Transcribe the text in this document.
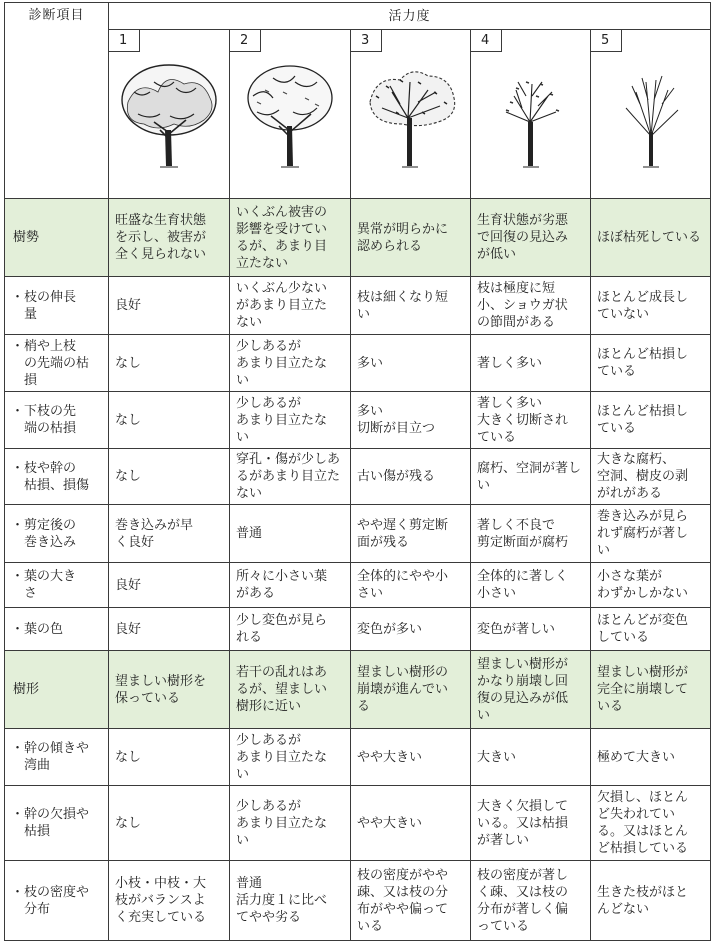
診断項目	活力度				
	1	2	3	4	5

樹勢	旺盛な生育状態
を示し、被害が
全く見られない	いくぶん被害の
影響を受けてい
るが、あまり目
立たない	異常が明らかに
認められる	生育状態が劣悪
で回復の見込み
が低い	ほぼ枯死している

・枝の伸長
　量	良好	いくぶん少ない
があまり目立た
ない	枝は細くなり短
い	枝は極度に短
小、ショウガ状
の節間がある	ほとんど成長し
ていない

・梢や上枝
　の先端の枯
　損	なし	少しあるが
あまり目立たな
い	多い	著しく多い	ほとんど枯損し
ている

・下枝の先
　端の枯損	なし	少しあるが
あまり目立たな
い	多い
切断が目立つ	著しく多い
大きく切断され
ている	ほとんど枯損し
ている

・枝や幹の
　枯損、損傷	なし	穿孔・傷が少しあ
るがあまり目立た
ない	古い傷が残る	腐朽、空洞が著し
い	大きな腐朽、
空洞、樹皮の剥
がれがある

・剪定後の
　巻き込み	巻き込みが早
く良好	普通	やや遅く剪定断
面が残る	著しく不良で
剪定断面が腐朽	巻き込みが見ら
れず腐朽が著し
い

・葉の大き
　さ	良好	所々に小さい葉
がある	全体的にやや小
さい	全体的に著しく
小さい	小さな葉が
わずかしかない

・葉の色	良好	少し変色が見ら
れる	変色が多い	変色が著しい	ほとんどが変色
している

樹形	望ましい樹形を
保っている	若干の乱れはあ
るが、望ましい
樹形に近い	望ましい樹形の
崩壊が進んでい
る	望ましい樹形が
かなり崩壊し回
復の見込みが低
い	望ましい樹形が
完全に崩壊して
いる

・幹の傾きや
　湾曲	なし	少しあるが
あまり目立たな
い	やや大きい	大きい	極めて大きい

・幹の欠損や
　枯損	なし	少しあるが
あまり目立たな
い	やや大きい	大きく欠損して
いる。又は枯損
が著しい	欠損し、ほとん
ど失われてい
る。又はほとん
ど枯損している

・枝の密度や
　分布	小枝・中枝・大
枝がバランスよ
く充実している	普通
活力度１に比べ
てやや劣る	枝の密度がやや
疎、又は枝の分
布がやや偏って
いる	枝の密度が著し
く疎、又は枝の
分布が著しく偏
っている	生きた枝がほと
んどない
